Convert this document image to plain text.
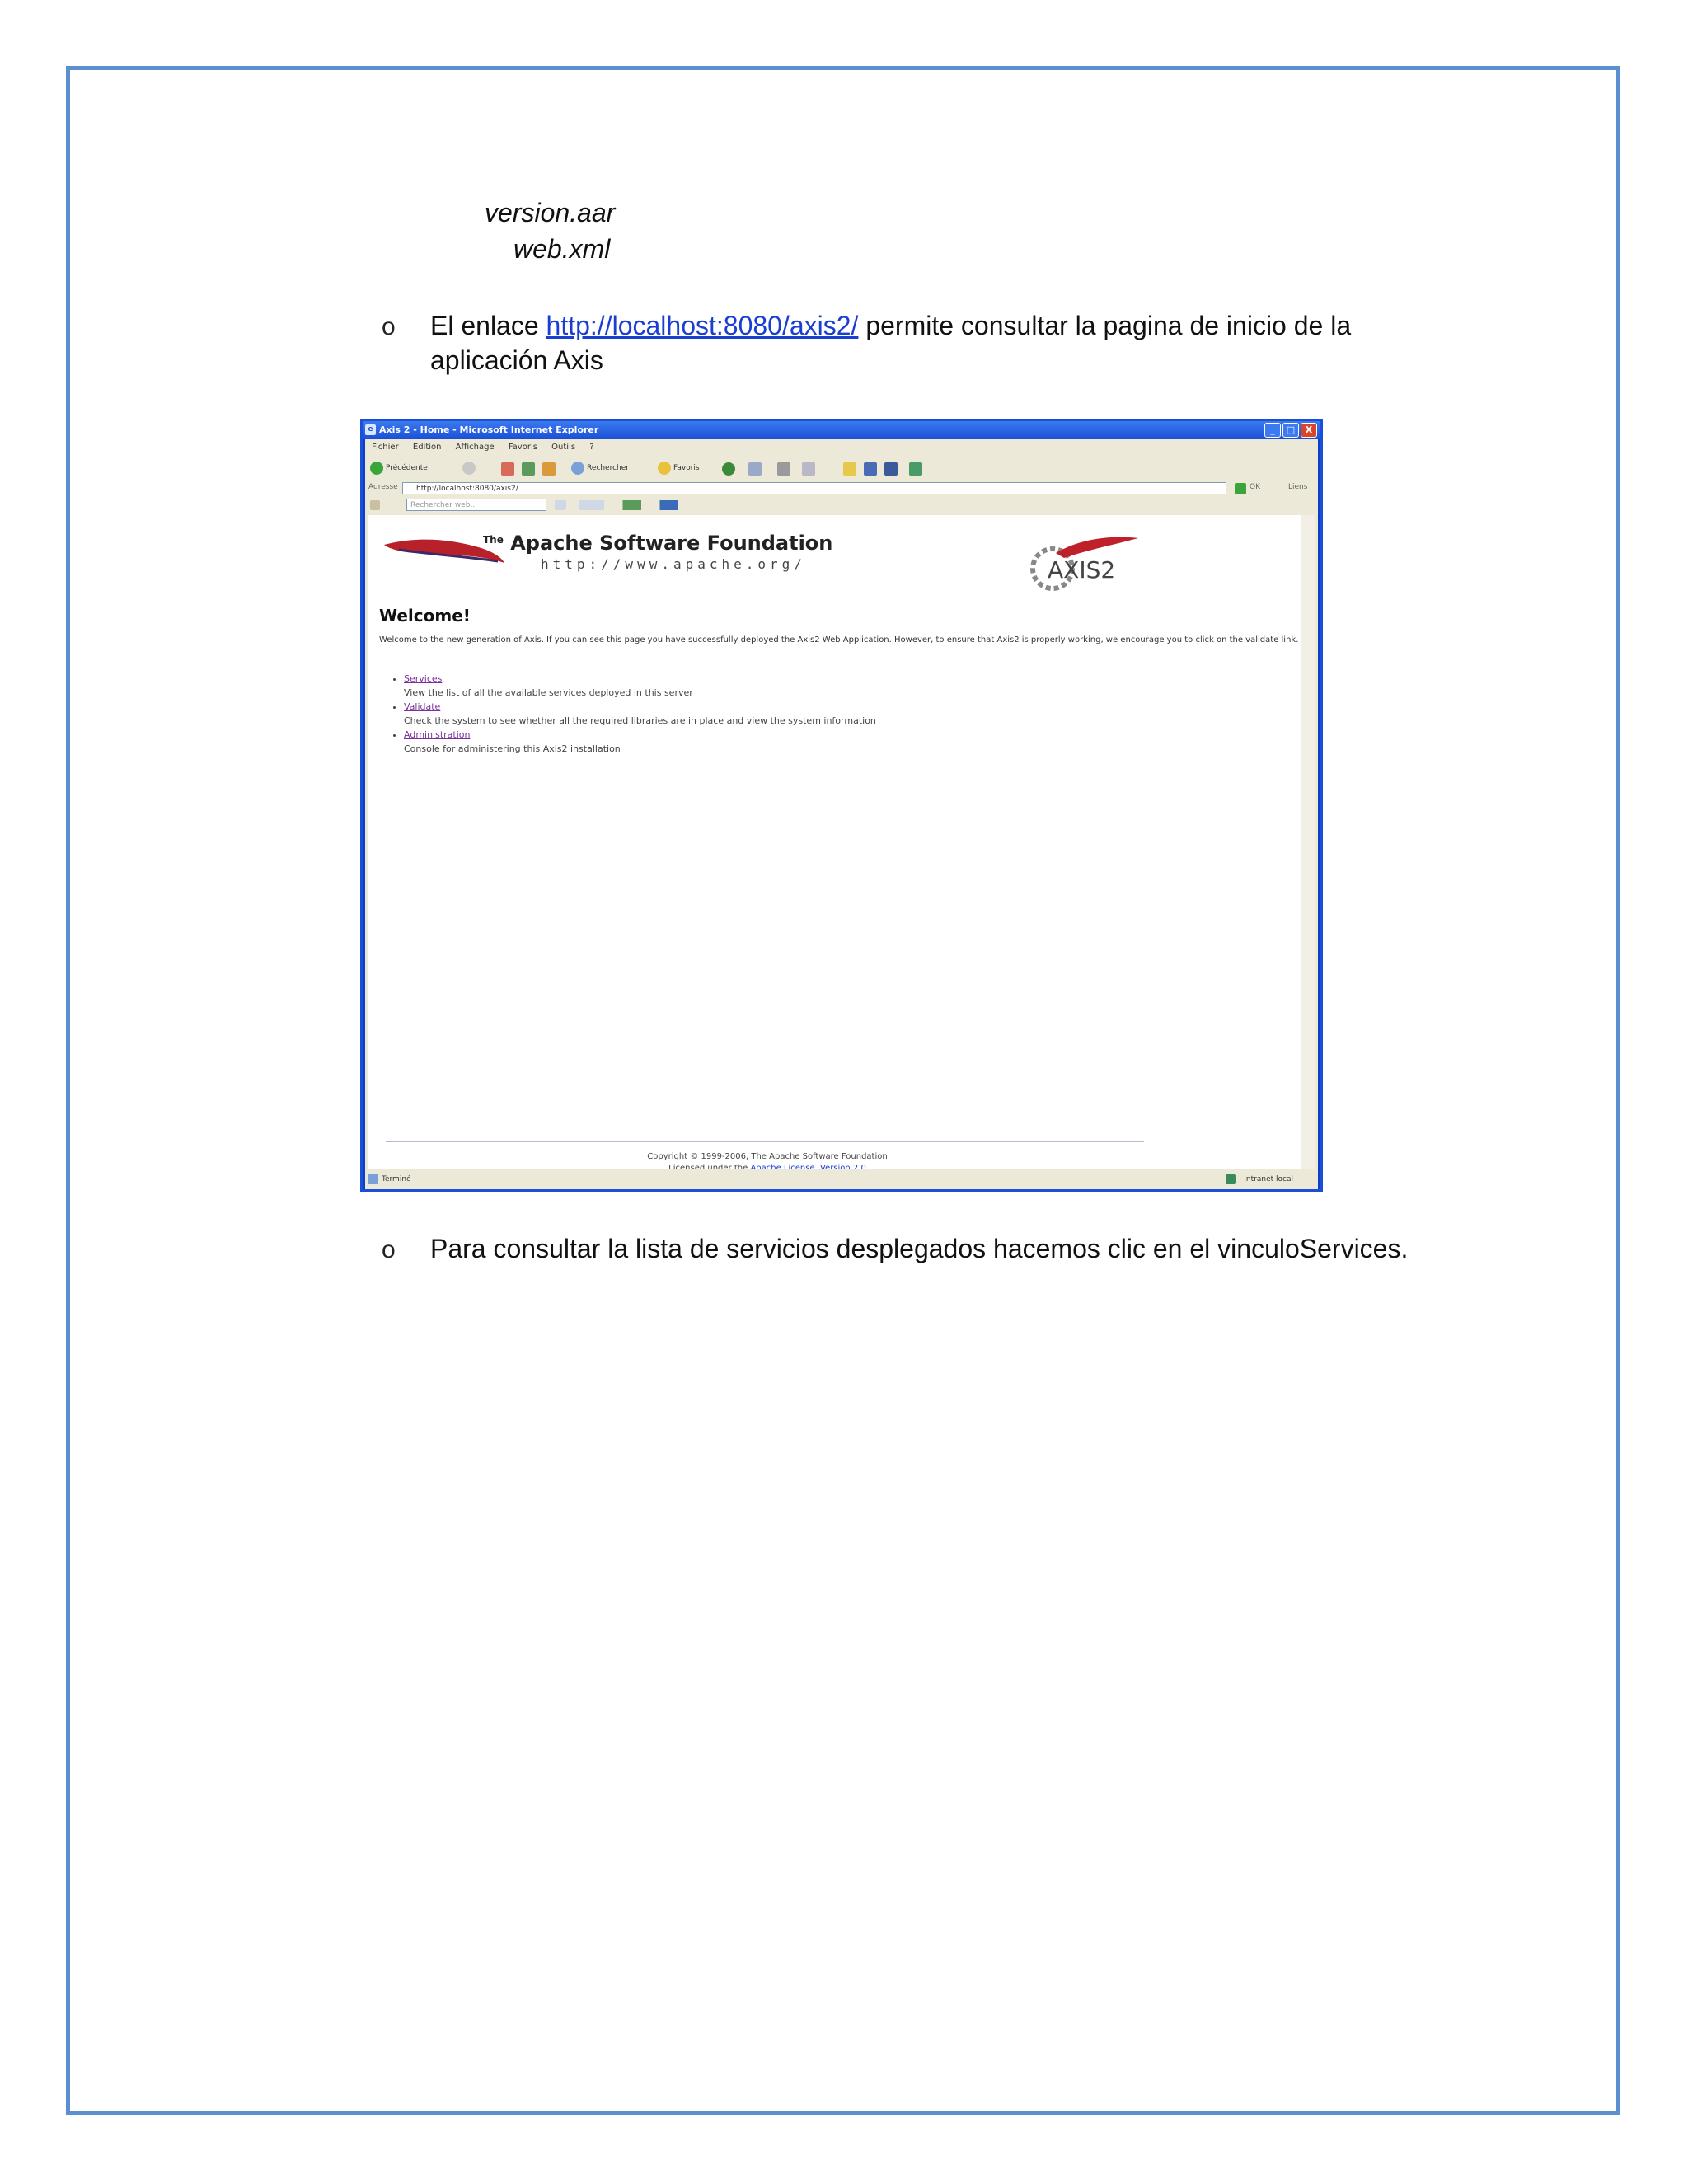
version.aar
web.xml
o El enlace http://localhost:8080/axis2/ permite consultar la pagina de inicio de la
aplicación Axis
e Axis 2 - Home - Microsoft Internet Explorer	_	□	X
Fichier Edition Affichage Favoris Outils ?
Précédente	Rechercher	Favoris
Adresse	http://localhost:8080/axis2/	OK	Liens
Rechercher web...
$^{The}$ Apache Software Foundation
http://www.apache.org/	AXIS2
Welcome!
Welcome to the new generation of Axis. If you can see this page you have successfully deployed the Axis2 Web Application. However, to ensure that Axis2 is properly working, we encourage you to click on the validate link.
• Services
View the list of all the available services deployed in this server
• Validate
Check the system to see whether all the required libraries are in place and view the system information
• Administration
Console for administering this Axis2 installation
Copyright © 1999-2006, The Apache Software Foundation
Terminé	Intranet local
o Para consultar la lista de servicios desplegados hacemos clic en el vinculoServices.
